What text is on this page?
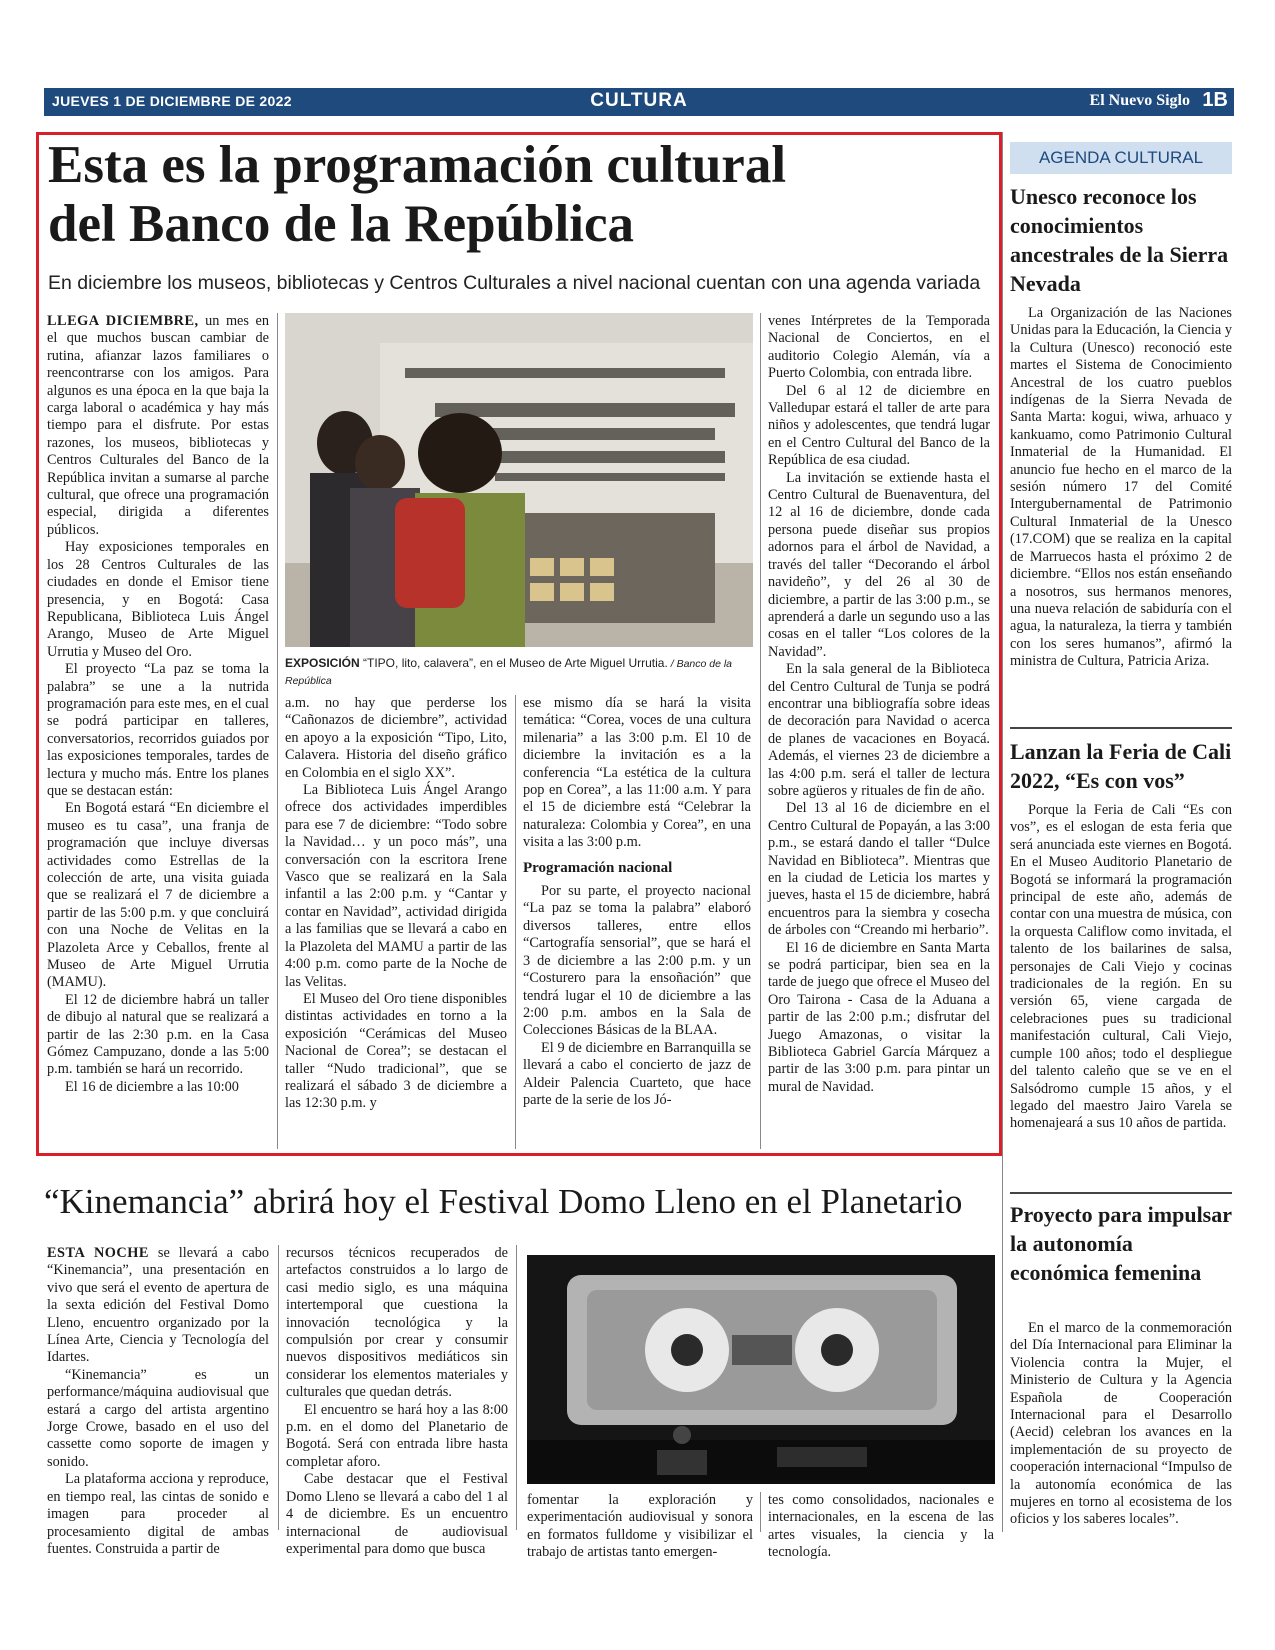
JUEVES 1 DE DICIEMBRE DE 2022	CULTURA	El Nuevo Siglo 1B
Esta es la programación cultural
del Banco de la República
En diciembre los museos, bibliotecas y Centros Culturales a nivel nacional cuentan con una agenda variada

LLEGA DICIEMBRE, un mes en el que muchos buscan cambiar de rutina, afianzar lazos familiares o reencontrarse con los amigos. Para algunos es una época en la que baja la carga laboral o académica y hay más tiempo para el disfrute. Por estas razones, los museos, bibliotecas y Centros Culturales del Banco de la República invitan a sumarse al parche cultural, que ofrece una programación especial, dirigida a diferentes públicos.

Hay exposiciones temporales en los 28 Centros Culturales de las ciudades en donde el Emisor tiene presencia, y en Bogotá: Casa Republicana, Biblioteca Luis Ángel Arango, Museo de Arte Miguel Urrutia y Museo del Oro.

El proyecto “La paz se toma la palabra” se une a la nutrida programación para este mes, en el cual se podrá participar en talleres, conversatorios, recorridos guiados por las exposiciones temporales, tardes de lectura y mucho más. Entre los planes que se destacan están:

En Bogotá estará “En diciembre el museo es tu casa”, una franja de programación que incluye diversas actividades como Estrellas de la colección de arte, una visita guiada que se realizará el 7 de diciembre a partir de las 5:00 p.m. y que concluirá con una Noche de Velitas en la Plazoleta Arce y Ceballos, frente al Museo de Arte Miguel Urrutia (MAMU).

El 12 de diciembre habrá un taller de dibujo al natural que se realizará a partir de las 2:30 p.m. en la Casa Gómez Campuzano, donde a las 5:00 p.m. también se hará un recorrido.

El 16 de diciembre a las 10:00

EXPOSICIÓN “TIPO, lito, calavera”, en el Museo de Arte Miguel Urrutia. / Banco de la República

a.m. no hay que perderse los “Cañonazos de diciembre”, actividad en apoyo a la exposición “Tipo, Lito, Calavera. Historia del diseño gráfico en Colombia en el siglo XX”.

La Biblioteca Luis Ángel Arango ofrece dos actividades imperdibles para ese 7 de diciembre: “Todo sobre la Navidad… y un poco más”, una conversación con la escritora Irene Vasco que se realizará en la Sala infantil a las 2:00 p.m. y “Cantar y contar en Navidad”, actividad dirigida a las familias que se llevará a cabo en la Plazoleta del MAMU a partir de las 4:00 p.m. como parte de la Noche de las Velitas.

El Museo del Oro tiene disponibles distintas actividades en torno a la exposición “Cerámicas del Museo Nacional de Corea”; se destacan el taller “Nudo tradicional”, que se realizará el sábado 3 de diciembre a las 12:30 p.m. y

ese mismo día se hará la visita temática: “Corea, voces de una cultura milenaria” a las 3:00 p.m. El 10 de diciembre la invitación es a la conferencia “La estética de la cultura pop en Corea”, a las 11:00 a.m. Y para el 15 de diciembre está “Celebrar la naturaleza: Colombia y Corea”, en una visita a las 3:00 p.m.

Programación nacional

Por su parte, el proyecto nacional “La paz se toma la palabra” elaboró diversos talleres, entre ellos “Cartografía sensorial”, que se hará el 3 de diciembre a las 2:00 p.m. y un “Costurero para la ensoñación” que tendrá lugar el 10 de diciembre a las 2:00 p.m. ambos en la Sala de Colecciones Básicas de la BLAA.

El 9 de diciembre en Barranquilla se llevará a cabo el concierto de jazz de Aldeir Palencia Cuarteto, que hace parte de la serie de los Jó-

venes Intérpretes de la Temporada Nacional de Conciertos, en el auditorio Colegio Alemán, vía a Puerto Colombia, con entrada libre.

Del 6 al 12 de diciembre en Valledupar estará el taller de arte para niños y adolescentes, que tendrá lugar en el Centro Cultural del Banco de la República de esa ciudad.

La invitación se extiende hasta el Centro Cultural de Buenaventura, del 12 al 16 de diciembre, donde cada persona puede diseñar sus propios adornos para el árbol de Navidad, a través del taller “Decorando el árbol navideño”, y del 26 al 30 de diciembre, a partir de las 3:00 p.m., se aprenderá a darle un segundo uso a las cosas en el taller “Los colores de la Navidad”.

En la sala general de la Biblioteca del Centro Cultural de Tunja se podrá encontrar una bibliografía sobre ideas de decoración para Navidad o acerca de planes de vacaciones en Boyacá. Además, el viernes 23 de diciembre a las 4:00 p.m. será el taller de lectura sobre agüeros y rituales de fin de año.

Del 13 al 16 de diciembre en el Centro Cultural de Popayán, a las 3:00 p.m., se estará dando el taller “Dulce Navidad en Biblioteca”. Mientras que en la ciudad de Leticia los martes y jueves, hasta el 15 de diciembre, habrá encuentros para la siembra y cosecha de árboles con “Creando mi herbario”.

El 16 de diciembre en Santa Marta se podrá participar, bien sea en la tarde de juego que ofrece el Museo del Oro Tairona - Casa de la Aduana a partir de las 2:00 p.m.; disfrutar del Juego Amazonas, o visitar la Biblioteca Gabriel García Márquez a partir de las 3:00 p.m. para pintar un mural de Navidad.

AGENDA CULTURAL
Unesco reconoce los conocimientos ancestrales de la Sierra Nevada

La Organización de las Naciones Unidas para la Educación, la Ciencia y la Cultura (Unesco) reconoció este martes el Sistema de Conocimiento Ancestral de los cuatro pueblos indígenas de la Sierra Nevada de Santa Marta: kogui, wiwa, arhuaco y kankuamo, como Patrimonio Cultural Inmaterial de la Humanidad. El anuncio fue hecho en el marco de la sesión número 17 del Comité Intergubernamental de Patrimonio Cultural Inmaterial de la Unesco (17.COM) que se realiza en la capital de Marruecos hasta el próximo 2 de diciembre. “Ellos nos están enseñando a nosotros, sus hermanos menores, una nueva relación de sabiduría con el agua, la naturaleza, la tierra y también con los seres humanos”, afirmó la ministra de Cultura, Patricia Ariza.

Lanzan la Feria de Cali 2022, “Es con vos”

Porque la Feria de Cali “Es con vos”, es el eslogan de esta feria que será anunciada este viernes en Bogotá. En el Museo Auditorio Planetario de Bogotá se informará la programación principal de este año, además de contar con una muestra de música, con la orquesta Califlow como invitada, el talento de los bailarines de salsa, personajes de Cali Viejo y cocinas tradicionales de la región. En su versión 65, viene cargada de celebraciones pues su tradicional manifestación cultural, Cali Viejo, cumple 100 años; todo el despliegue del talento caleño que se ve en el Salsódromo cumple 15 años, y el legado del maestro Jairo Varela se homenajeará a sus 10 años de partida.

Proyecto para impulsar la autonomía económica femenina

En el marco de la conmemoración del Día Internacional para Eliminar la Violencia contra la Mujer, el Ministerio de Cultura y la Agencia Española de Cooperación Internacional para el Desarrollo (Aecid) celebran los avances en la implementación de su proyecto de cooperación internacional “Impulso de la autonomía económica de las mujeres en torno al ecosistema de los oficios y los saberes locales”.

“Kinemancia” abrirá hoy el Festival Domo Lleno en el Planetario

ESTA NOCHE se llevará a cabo “Kinemancia”, una presentación en vivo que será el evento de apertura de la sexta edición del Festival Domo Lleno, encuentro organizado por la Línea Arte, Ciencia y Tecnología del Idartes.

“Kinemancia” es un performance/máquina audiovisual que estará a cargo del artista argentino Jorge Crowe, basado en el uso del cassette como soporte de imagen y sonido.

La plataforma acciona y reproduce, en tiempo real, las cintas de sonido e imagen para proceder al procesamiento digital de ambas fuentes. Construida a partir de

recursos técnicos recuperados de artefactos construidos a lo largo de casi medio siglo, es una máquina intertemporal que cuestiona la innovación tecnológica y la compulsión por crear y consumir nuevos dispositivos mediáticos sin considerar los elementos materiales y culturales que quedan detrás.

El encuentro se hará hoy a las 8:00 p.m. en el domo del Planetario de Bogotá. Será con entrada libre hasta completar aforo.

Cabe destacar que el Festival Domo Lleno se llevará a cabo del 1 al 4 de diciembre. Es un encuentro internacional de audiovisual experimental para domo que busca

fomentar la exploración y experimentación audiovisual y sonora en formatos fulldome y visibilizar el trabajo de artistas tanto emergen-

tes como consolidados, nacionales e internacionales, en la escena de las artes visuales, la ciencia y la tecnología.
